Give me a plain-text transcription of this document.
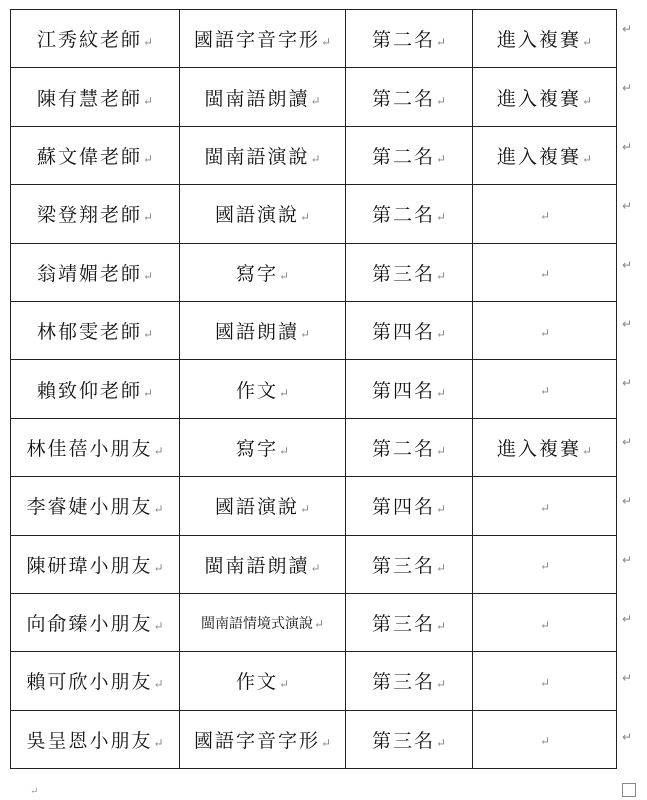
江秀紋老師↵	國語字音字形↵	第二名↵	進入複賽↵
陳有慧老師↵	閩南語朗讀↵	第二名↵	進入複賽↵
蘇文偉老師↵	閩南語演說↵	第二名↵	進入複賽↵
梁登翔老師↵	國語演說↵	第二名↵	↵
翁靖媚老師↵	寫字↵	第三名↵	↵
林郁雯老師↵	國語朗讀↵	第四名↵	↵
賴致仰老師↵	作文↵	第四名↵	↵
林佳蓓小朋友↵	寫字↵	第二名↵	進入複賽↵
李睿婕小朋友↵	國語演說↵	第四名↵	↵
陳研瑋小朋友↵	閩南語朗讀↵	第三名↵	↵
向俞臻小朋友↵	閩南語情境式演說↵	第三名↵	↵
賴可欣小朋友↵	作文↵	第三名↵	↵
吳呈恩小朋友↵	國語字音字形↵	第三名↵	↵
↵
↵
↵
↵
↵
↵
↵
↵
↵
↵
↵
↵
↵
↵
